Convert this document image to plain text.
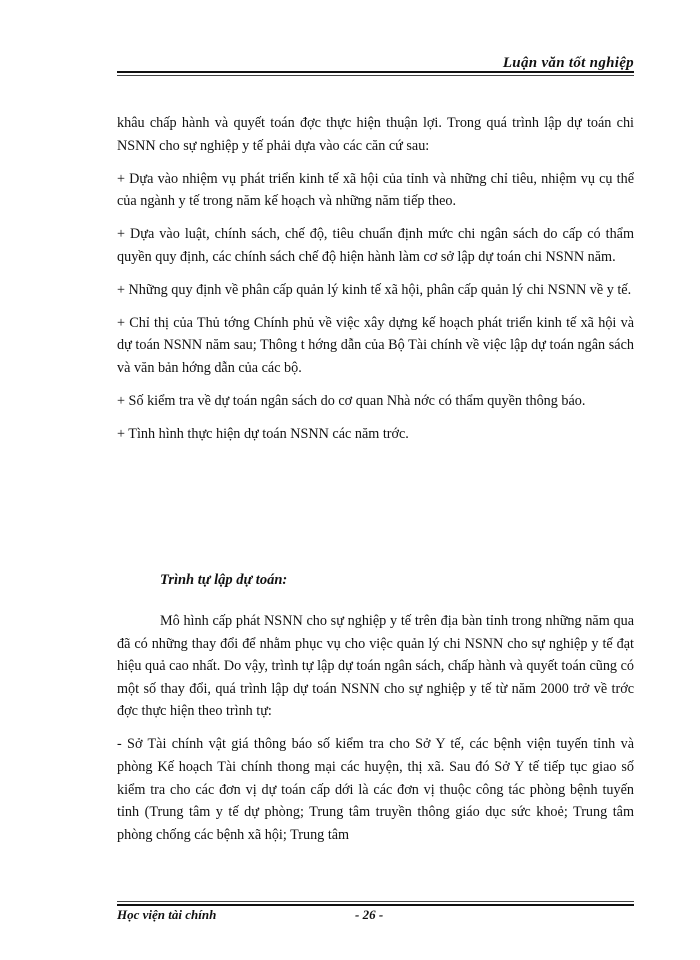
Luận văn tốt nghiệp

khâu chấp hành và quyết toán đợc thực hiện thuận lợi. Trong quá trình lập dự toán chi NSNN cho sự nghiệp y tế phải dựa vào các căn cứ sau:

+ Dựa vào nhiệm vụ phát triển kinh tế xã hội của tỉnh và những chỉ tiêu, nhiệm vụ cụ thể của ngành y tế trong năm kế hoạch và những năm tiếp theo.

+ Dựa vào luật, chính sách, chế độ, tiêu chuẩn định mức chi ngân sách do cấp có thẩm quyền quy định, các chính sách chế độ hiện hành làm cơ sở lập dự toán chi NSNN năm.

+ Những quy định về phân cấp quản lý kinh tế xã hội, phân cấp quản lý chi NSNN về y tế.

+ Chỉ thị của Thủ tớng Chính phủ về việc xây dựng kế hoạch phát triển kinh tế xã hội và dự toán NSNN năm sau; Thông t hớng dẫn của Bộ Tài chính về việc lập dự toán ngân sách và văn bản hớng dẫn của các bộ.

+ Số kiểm tra về dự toán ngân sách do cơ quan Nhà nớc có thẩm quyền thông báo.

+ Tình hình thực hiện dự toán NSNN các năm trớc.

Trình tự lập dự toán:

Mô hình cấp phát NSNN cho sự nghiệp y tế trên địa bàn tỉnh trong những năm qua đã có những thay đổi để nhằm phục vụ cho việc quản lý chi NSNN cho sự nghiệp y tế đạt hiệu quả cao nhất. Do vậy, trình tự lập dự toán ngân sách, chấp hành và quyết toán cũng có một số thay đổi, quá trình lập dự toán NSNN cho sự nghiệp y tế từ năm 2000 trở về trớc đợc thực hiện theo trình tự:

- Sở Tài chính vật giá thông báo số kiểm tra cho Sở Y tế, các bệnh viện tuyến tỉnh và phòng Kế hoạch Tài chính thong mại các huyện, thị xã. Sau đó Sở Y tế tiếp tục giao số kiểm tra cho các đơn vị dự toán cấp dới là các đơn vị thuộc công tác phòng bệnh tuyến tỉnh (Trung tâm y tế dự phòng; Trung tâm truyền thông giáo dục sức khoẻ; Trung tâm phòng chống các bệnh xã hội; Trung tâm

Học viện tài chính	- 26 -
